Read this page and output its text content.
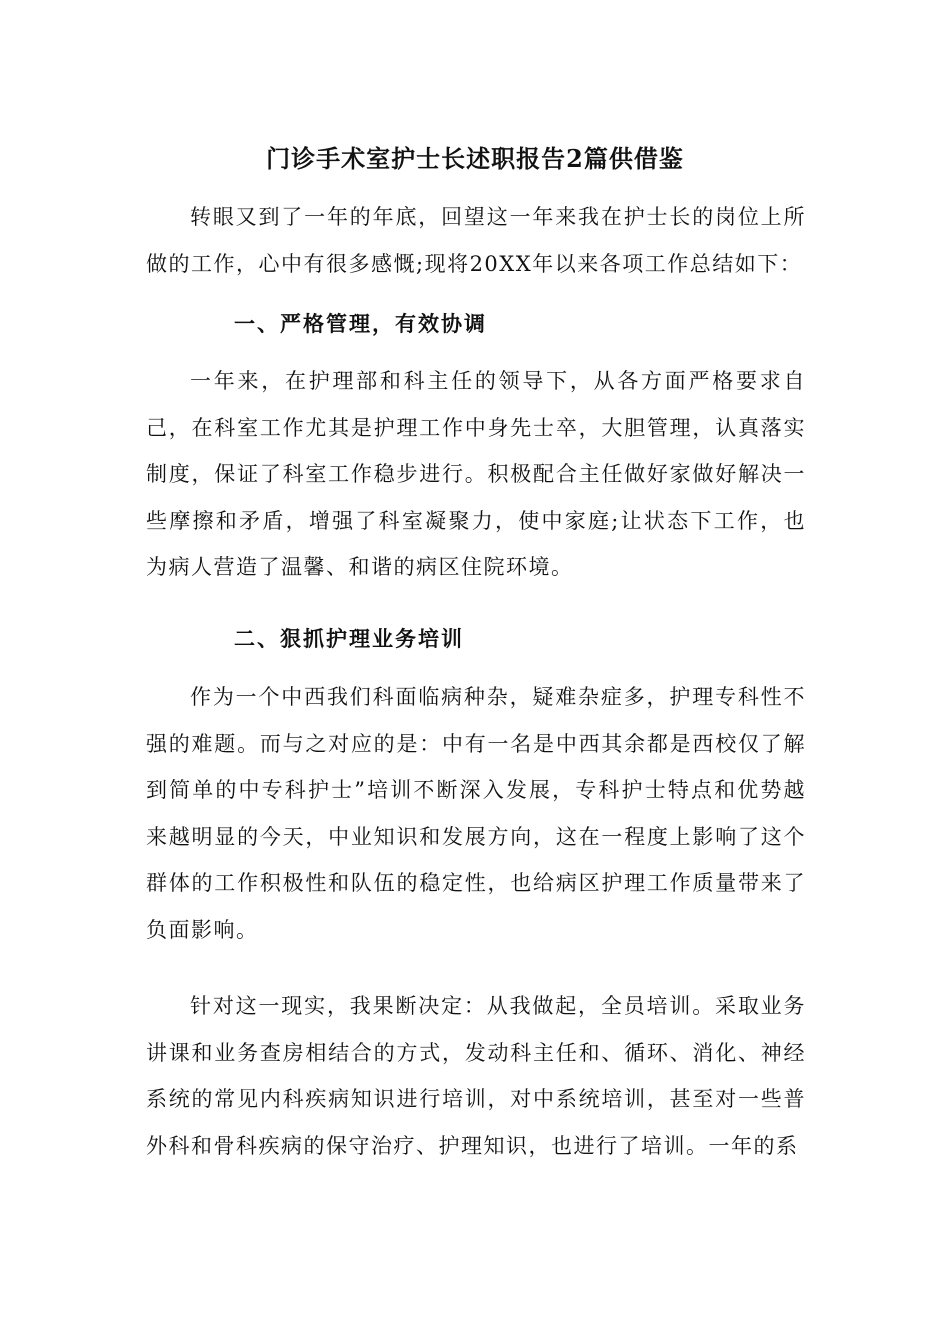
门诊手术室护士长述职报告2篇供借鉴

转眼又到了一年的年底，回望这一年来我在护士长的岗位上所做的工作，心中有很多感慨;现将20XX年以来各项工作总结如下：

一、严格管理，有效协调

一年来，在护理部和科主任的领导下，从各方面严格要求自己，在科室工作尤其是护理工作中身先士卒，大胆管理，认真落实制度，保证了科室工作稳步进行。积极配合主任做好家做好解决一些摩擦和矛盾，增强了科室凝聚力，使中家庭;让状态下工作，也为病人营造了温馨、和谐的病区住院环境。

二、狠抓护理业务培训

作为一个中西我们科面临病种杂，疑难杂症多，护理专科性不强的难题。而与之对应的是：中有一名是中西其余都是西校仅了解到简单的中专科护士”培训不断深入发展，专科护士特点和优势越来越明显的今天，中业知识和发展方向，这在一程度上影响了这个群体的工作积极性和队伍的稳定性，也给病区护理工作质量带来了负面影响。

针对这一现实，我果断决定：从我做起，全员培训。采取业务讲课和业务查房相结合的方式，发动科主任和、循环、消化、神经系统的常见内科疾病知识进行培训，对中系统培训，甚至对一些普外科和骨科疾病的保守治疗、护理知识，也进行了培训。一年的系
